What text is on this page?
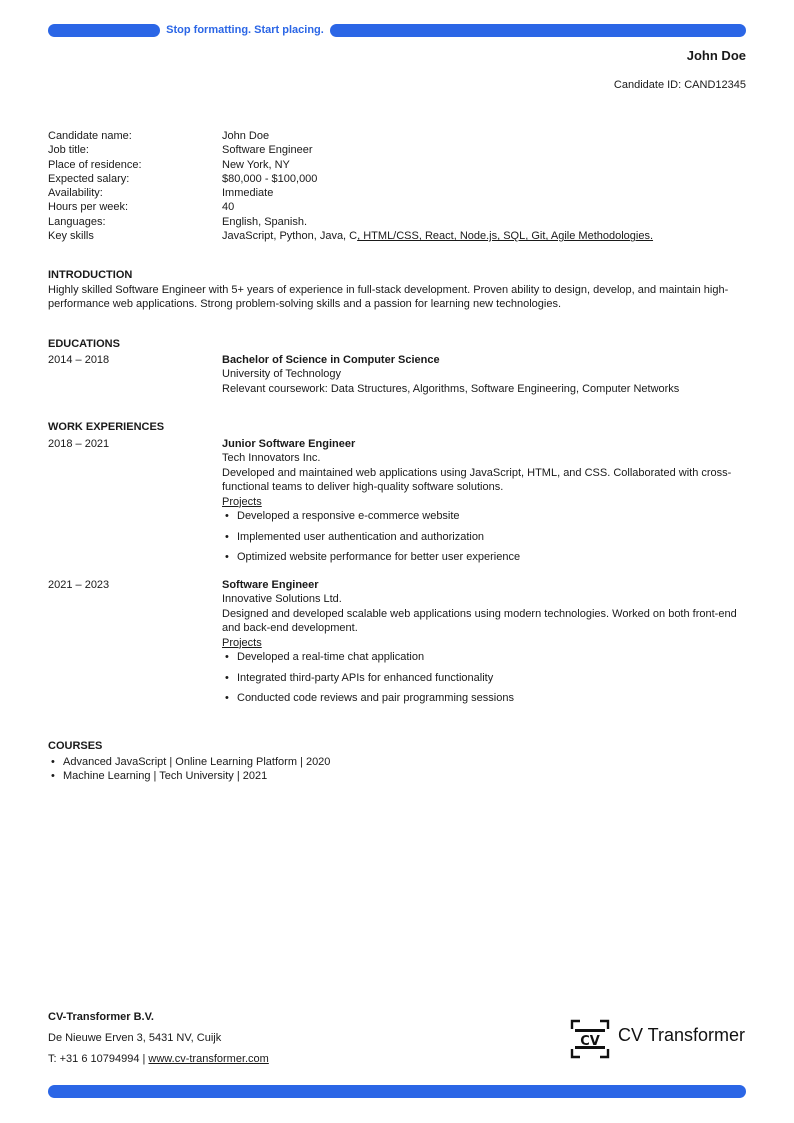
Stop formatting. Start placing.
John Doe
Candidate ID: CAND12345
Candidate name:	John Doe
Job title:	Software Engineer
Place of residence:	New York, NY
Expected salary:	$80,000 - $100,000
Availability:	Immediate
Hours per week:	40
Languages:	English, Spanish.
Key skills	JavaScript, Python, Java, C, HTML/CSS, React, Node.js, SQL, Git, Agile Methodologies.
INTRODUCTION
Highly skilled Software Engineer with 5+ years of experience in full-stack development. Proven ability to design, develop, and maintain high-performance web applications. Strong problem-solving skills and a passion for learning new technologies.
EDUCATIONS
2014 – 2018	Bachelor of Science in Computer Science
University of Technology
Relevant coursework: Data Structures, Algorithms, Software Engineering, Computer Networks
WORK EXPERIENCES
2018 – 2021	Junior Software Engineer
Tech Innovators Inc.
Developed and maintained web applications using JavaScript, HTML, and CSS. Collaborated with cross-functional teams to deliver high-quality software solutions.
Projects
• Developed a responsive e-commerce website
• Implemented user authentication and authorization
• Optimized website performance for better user experience
2021 – 2023	Software Engineer
Innovative Solutions Ltd.
Designed and developed scalable web applications using modern technologies. Worked on both front-end and back-end development.
Projects
• Developed a real-time chat application
• Integrated third-party APIs for enhanced functionality
• Conducted code reviews and pair programming sessions
COURSES
• Advanced JavaScript | Online Learning Platform | 2020
• Machine Learning | Tech University | 2021
CV-Transformer B.V.
De Nieuwe Erven 3, 5431 NV, Cuijk
T: +31 6 10794994 | www.cv-transformer.com
CV CV Transformer
